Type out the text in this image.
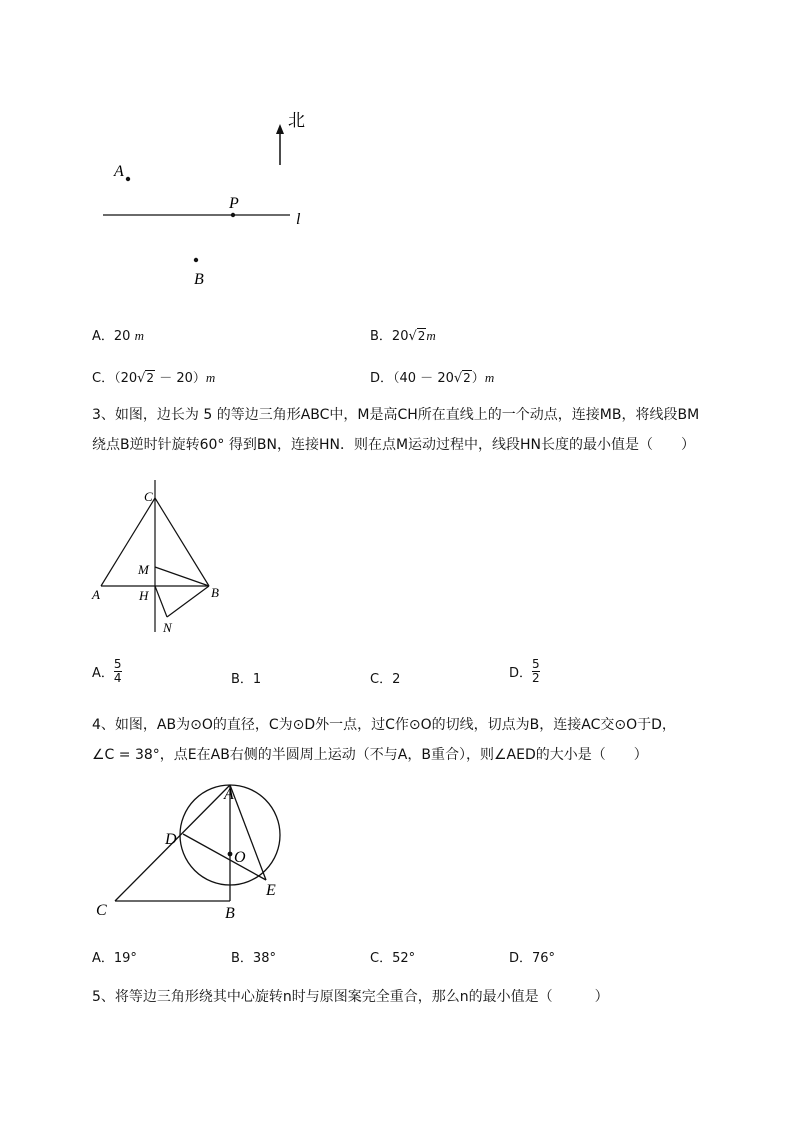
北
A
P
l
B
A．20 m	B．20√2m
C．（20√2 － 20）m	D．（40 － 20√2）m
3、如图，边长为 5 的等边三角形ABC中，M是高CH所在直线上的一个动点，连接MB，将线段BM
绕点B逆时针旋转60° 得到BN，连接HN．则在点M运动过程中，线段HN长度的最小值是（　　）
C
M
A	H	B
N
A． $\frac{5}{4}$	B．1	C．2	D． $\frac{5}{2}$
4、如图，AB为⊙O的直径，C为⊙D外一点，过C作⊙O的切线，切点为B，连接AC交⊙O于D，
∠C = 38°，点E在AB右侧的半圆周上运动（不与A，B重合），则∠AED的大小是（　　）
A
D
O
E
C	B
A．19°	B．38°	C．52°	D．76°
5、将等边三角形绕其中心旋转n时与原图案完全重合，那么n的最小值是（　　　）
